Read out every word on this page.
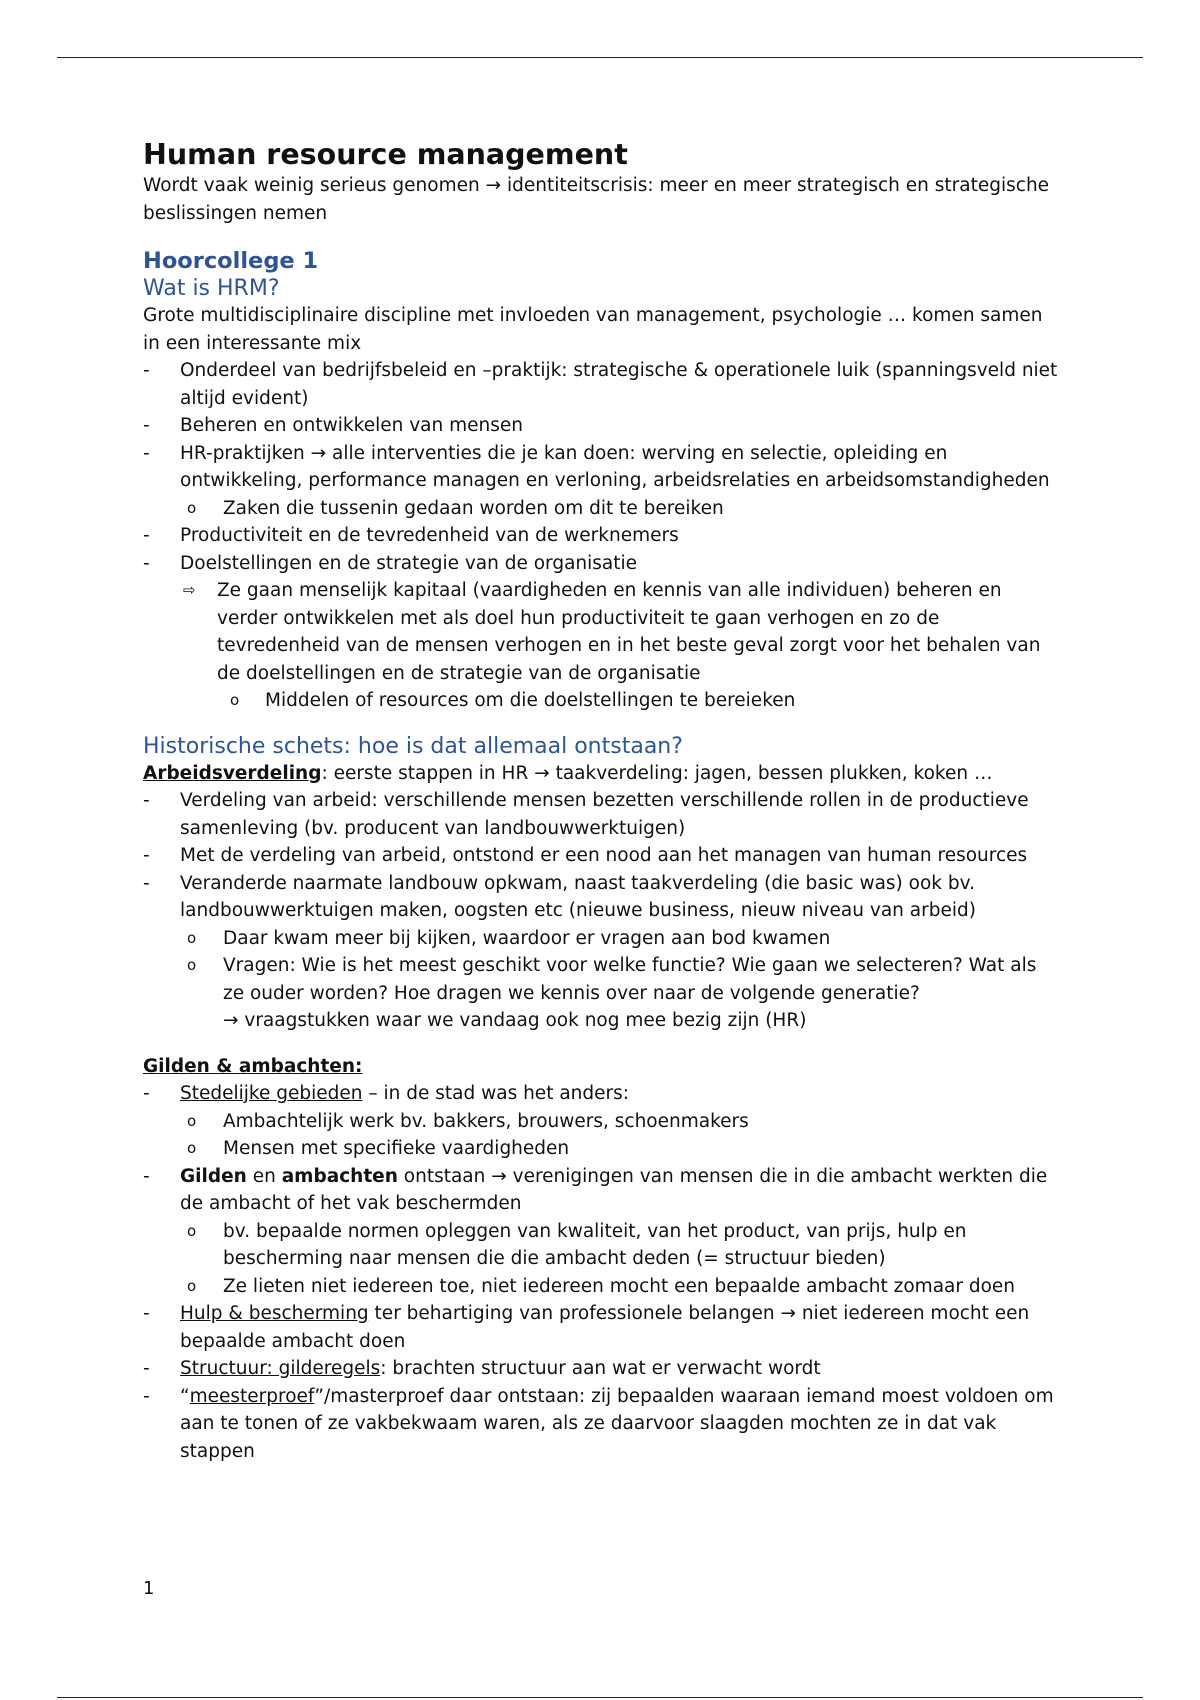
Human resource management

Wordt vaak weinig serieus genomen → identiteitscrisis: meer en meer strategisch en strategische beslissingen nemen

Hoorcollege 1
Wat is HRM?

Grote multidisciplinaire discipline met invloeden van management, psychologie … komen samen in een interessante mix

-	Onderdeel van bedrijfsbeleid en –praktijk: strategische & operationele luik (spanningsveld niet altijd evident)
-	Beheren en ontwikkelen van mensen
-	HR-praktijken → alle interventies die je kan doen: werving en selectie, opleiding en ontwikkeling, performance managen en verloning, arbeidsrelaties en arbeidsomstandigheden
o	Zaken die tussenin gedaan worden om dit te bereiken
-	Productiviteit en de tevredenheid van de werknemers
-	Doelstellingen en de strategie van de organisatie
⇨ Ze gaan menselijk kapitaal (vaardigheden en kennis van alle individuen) beheren en verder ontwikkelen met als doel hun productiviteit te gaan verhogen en zo de tevredenheid van de mensen verhogen en in het beste geval zorgt voor het behalen van de doelstellingen en de strategie van de organisatie
o Middelen of resources om die doelstellingen te bereieken
Historische schets: hoe is dat allemaal ontstaan?

Arbeidsverdeling: eerste stappen in HR → taakverdeling: jagen, bessen plukken, koken …

-	Verdeling van arbeid: verschillende mensen bezetten verschillende rollen in de productieve samenleving (bv. producent van landbouwwerktuigen)
-	Met de verdeling van arbeid, ontstond er een nood aan het managen van human resources
-	Veranderde naarmate landbouw opkwam, naast taakverdeling (die basic was) ook bv. landbouwwerktuigen maken, oogsten etc (nieuwe business, nieuw niveau van arbeid)
o	Daar kwam meer bij kijken, waardoor er vragen aan bod kwamen
o	Vragen: Wie is het meest geschikt voor welke functie? Wie gaan we selecteren? Wat als ze ouder worden? Hoe dragen we kennis over naar de volgende generatie?
→ vraagstukken waar we vandaag ook nog mee bezig zijn (HR)

Gilden & ambachten:

-	Stedelijke gebieden – in de stad was het anders:
o	Ambachtelijk werk bv. bakkers, brouwers, schoenmakers
o	Mensen met specifieke vaardigheden
-	Gilden en ambachten ontstaan → verenigingen van mensen die in die ambacht werkten die de ambacht of het vak beschermden
o	bv. bepaalde normen opleggen van kwaliteit, van het product, van prijs, hulp en bescherming naar mensen die die ambacht deden (= structuur bieden)
o	Ze lieten niet iedereen toe, niet iedereen mocht een bepaalde ambacht zomaar doen
-	Hulp & bescherming ter behartiging van professionele belangen → niet iedereen mocht een bepaalde ambacht doen
-	Structuur: gilderegels: brachten structuur aan wat er verwacht wordt
-	“meesterproef”/masterproef daar ontstaan: zij bepaalden waaraan iemand moest voldoen om aan te tonen of ze vakbekwaam waren, als ze daarvoor slaagden mochten ze in dat vak stappen
1
